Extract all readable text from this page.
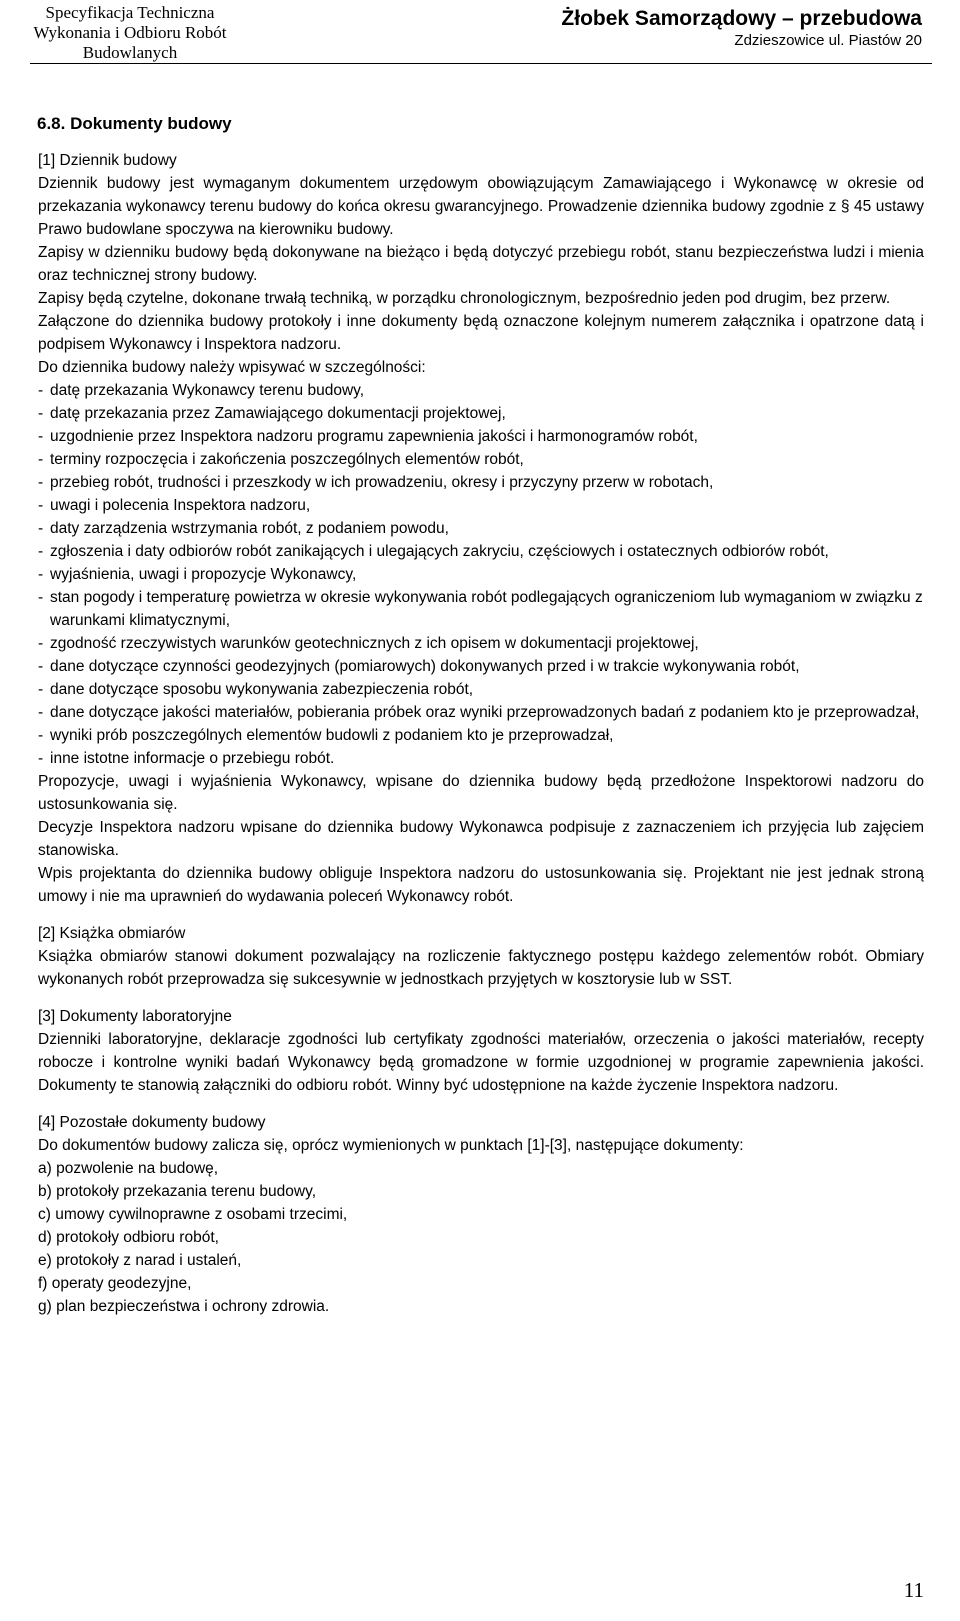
Specyfikacja Techniczna
Wykonania i Odbioru Robót
Budowlanych
Żłobek Samorządowy – przebudowa
Zdzieszowice ul. Piastów 20
6.8. Dokumenty budowy
[1] Dziennik budowy

Dziennik budowy jest wymaganym dokumentem urzędowym obowiązującym Zamawiającego i Wykonawcę w okresie od przekazania wykonawcy terenu budowy do końca okresu gwarancyjnego. Prowadzenie dziennika budowy zgodnie z § 45 ustawy Prawo budowlane spoczywa na kierowniku budowy.

Zapisy w dzienniku budowy będą dokonywane na bieżąco i będą dotyczyć przebiegu robót, stanu bezpieczeństwa ludzi i mienia oraz technicznej strony budowy.

Zapisy będą czytelne, dokonane trwałą techniką, w porządku chronologicznym, bezpośrednio jeden pod drugim, bez przerw.

Załączone do dziennika budowy protokoły i inne dokumenty będą oznaczone kolejnym numerem załącznika i opatrzone datą i podpisem Wykonawcy i Inspektora nadzoru.

Do dziennika budowy należy wpisywać w szczególności:

- datę przekazania Wykonawcy terenu budowy,
- datę przekazania przez Zamawiającego dokumentacji projektowej,
- uzgodnienie przez Inspektora nadzoru programu zapewnienia jakości i harmonogramów robót,
- terminy rozpoczęcia i zakończenia poszczególnych elementów robót,
- przebieg robót, trudności i przeszkody w ich prowadzeniu, okresy i przyczyny przerw w robotach,
- uwagi i polecenia Inspektora nadzoru,
- daty zarządzenia wstrzymania robót, z podaniem powodu,
- zgłoszenia i daty odbiorów robót zanikających i ulegających zakryciu, częściowych i ostatecznych odbiorów robót,
- wyjaśnienia, uwagi i propozycje Wykonawcy,
- stan pogody i temperaturę powietrza w okresie wykonywania robót podlegających ograniczeniom lub wymaganiom w związku z warunkami klimatycznymi,
- zgodność rzeczywistych warunków geotechnicznych z ich opisem w dokumentacji projektowej,
- dane dotyczące czynności geodezyjnych (pomiarowych) dokonywanych przed i w trakcie wykonywania robót,
- dane dotyczące sposobu wykonywania zabezpieczenia robót,
- dane dotyczące jakości materiałów, pobierania próbek oraz wyniki przeprowadzonych badań z podaniem kto je przeprowadzał,
- wyniki prób poszczególnych elementów budowli z podaniem kto je przeprowadzał,
- inne istotne informacje o przebiegu robót.

Propozycje, uwagi i wyjaśnienia Wykonawcy, wpisane do dziennika budowy będą przedłożone Inspektorowi nadzoru do ustosunkowania się.

Decyzje Inspektora nadzoru wpisane do dziennika budowy Wykonawca podpisuje z zaznaczeniem ich przyjęcia lub zajęciem stanowiska.

Wpis projektanta do dziennika budowy obliguje Inspektora nadzoru do ustosunkowania się. Projektant nie jest jednak stroną umowy i nie ma uprawnień do wydawania poleceń Wykonawcy robót.

[2] Książka obmiarów

Książka obmiarów stanowi dokument pozwalający na rozliczenie faktycznego postępu każdego zelementów robót. Obmiary wykonanych robót przeprowadza się sukcesywnie w jednostkach przyjętych w kosztorysie lub w SST.

[3] Dokumenty laboratoryjne

Dzienniki laboratoryjne, deklaracje zgodności lub certyfikaty zgodności materiałów, orzeczenia o jakości materiałów, recepty robocze i kontrolne wyniki badań Wykonawcy będą gromadzone w formie uzgodnionej w programie zapewnienia jakości. Dokumenty te stanowią załączniki do odbioru robót. Winny być udostępnione na każde życzenie Inspektora nadzoru.

[4] Pozostałe dokumenty budowy

Do dokumentów budowy zalicza się, oprócz wymienionych w punktach [1]-[3], następujące dokumenty:

a) pozwolenie na budowę,
b) protokoły przekazania terenu budowy,
c) umowy cywilnoprawne z osobami trzecimi,
d) protokoły odbioru robót,
e) protokoły z narad i ustaleń,
f) operaty geodezyjne,
g) plan bezpieczeństwa i ochrony zdrowia.
11
